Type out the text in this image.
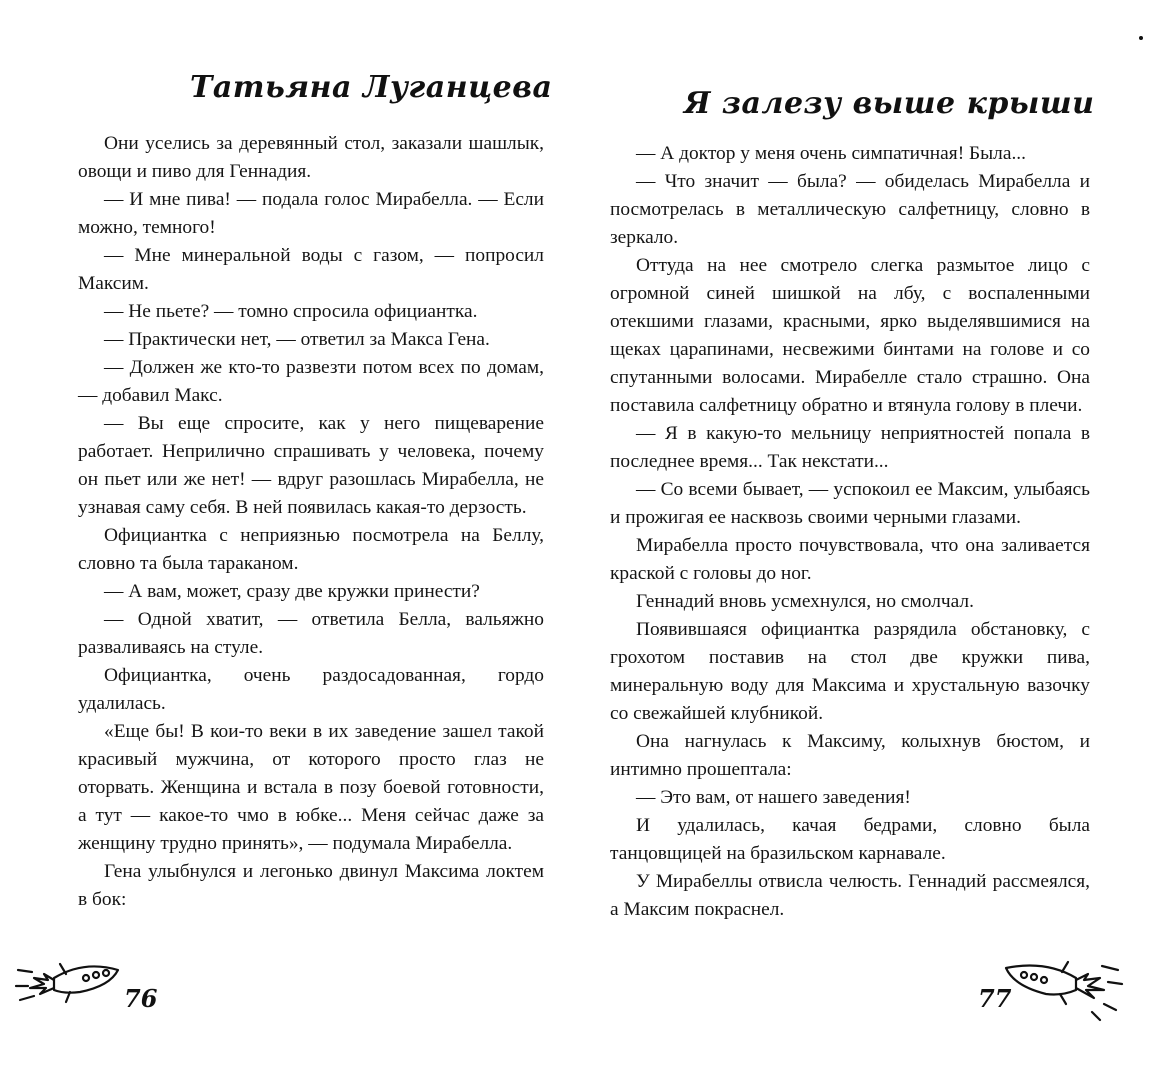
Татьяна Луганцева

Они уселись за деревянный стол, заказали шашлык, овощи и пиво для Геннадия.

— И мне пива! — подала голос Мирабелла. — Если можно, темного!

— Мне минеральной воды с газом, — попросил Максим.

— Не пьете? — томно спросила официантка.

— Практически нет, — ответил за Макса Гена.

— Должен же кто-то развезти потом всех по домам, — добавил Макс.

— Вы еще спросите, как у него пищеварение работает. Неприлично спрашивать у человека, почему он пьет или же нет! — вдруг разошлась Мирабелла, не узнавая саму себя. В ней появилась какая-то дерзость.

Официантка с неприязнью посмотрела на Беллу, словно та была тараканом.

— А вам, может, сразу две кружки принести?

— Одной хватит, — ответила Белла, вальяжно разваливаясь на стуле.

Официантка, очень раздосадованная, гордо удалилась.

«Еще бы! В кои-то веки в их заведение зашел такой красивый мужчина, от которого просто глаз не оторвать. Женщина и встала в позу боевой готовности, а тут — какое-то чмо в юбке... Меня сейчас даже за женщину трудно принять», — подумала Мирабелла.

Гена улыбнулся и легонько двинул Максима локтем в бок:

76
Я залезу выше крыши

— А доктор у меня очень симпатичная! Была...

— Что значит — была? — обиделась Мирабелла и посмотрелась в металлическую салфетницу, словно в зеркало.

Оттуда на нее смотрело слегка размытое лицо с огромной синей шишкой на лбу, с воспаленными отекшими глазами, красными, ярко выделявшимися на щеках царапинами, несвежими бинтами на голове и со спутанными волосами. Мирабелле стало страшно. Она поставила салфетницу обратно и втянула голову в плечи.

— Я в какую-то мельницу неприятностей попала в последнее время... Так некстати...

— Со всеми бывает, — успокоил ее Максим, улыбаясь и прожигая ее насквозь своими черными глазами.

Мирабелла просто почувствовала, что она заливается краской с головы до ног.

Геннадий вновь усмехнулся, но смолчал.

Появившаяся официантка разрядила обстановку, с грохотом поставив на стол две кружки пива, минеральную воду для Максима и хрустальную вазочку со свежайшей клубникой.

Она нагнулась к Максиму, колыхнув бюстом, и интимно прошептала:

— Это вам, от нашего заведения!

И удалилась, качая бедрами, словно была танцовщицей на бразильском карнавале.

У Мирабеллы отвисла челюсть. Геннадий рассмеялся, а Максим покраснел.

77
